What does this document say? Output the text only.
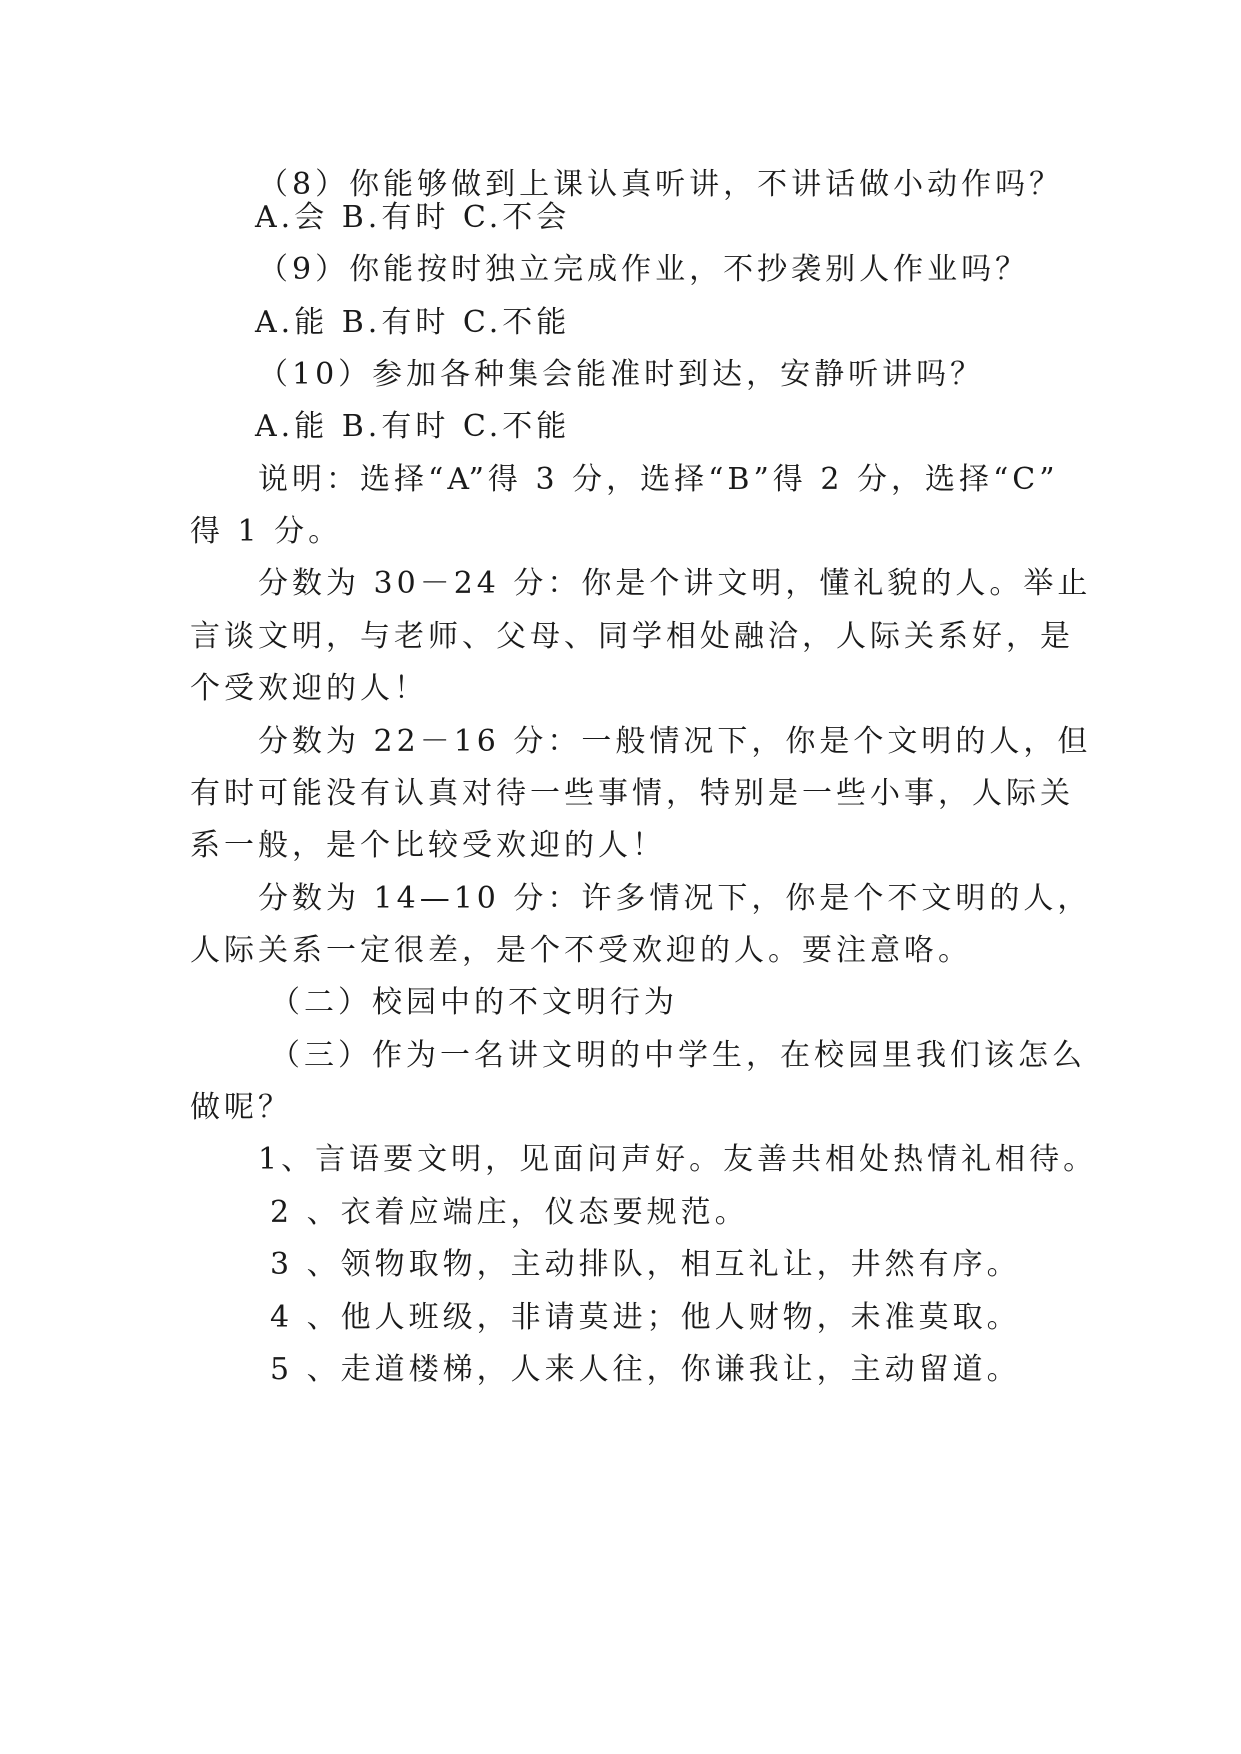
（8）你能够做到上课认真听讲，不讲话做小动作吗？
A.会 B.有时 C.不会
（9）你能按时独立完成作业，不抄袭别人作业吗？
A.能 B.有时 C.不能
（10）参加各种集会能准时到达，安静听讲吗？
A.能 B.有时 C.不能
说明：选择“A”得 3 分，选择“B”得 2 分，选择“C”
得 1 分。
分数为 30－24 分：你是个讲文明，懂礼貌的人。举止
言谈文明，与老师、父母、同学相处融洽，人际关系好，是
个受欢迎的人！
分数为 22－16 分：一般情况下，你是个文明的人，但
有时可能没有认真对待一些事情，特别是一些小事，人际关
系一般，是个比较受欢迎的人！
分数为 14—10 分：许多情况下，你是个不文明的人，
人际关系一定很差，是个不受欢迎的人。要注意咯。
（二）校园中的不文明行为
（三）作为一名讲文明的中学生，在校园里我们该怎么
做呢？
1、言语要文明，见面问声好。友善共相处热情礼相待。
2 、衣着应端庄，仪态要规范。
3 、领物取物，主动排队，相互礼让，井然有序。
4 、他人班级，非请莫进；他人财物，未准莫取。
5 、走道楼梯，人来人往，你谦我让，主动留道。
